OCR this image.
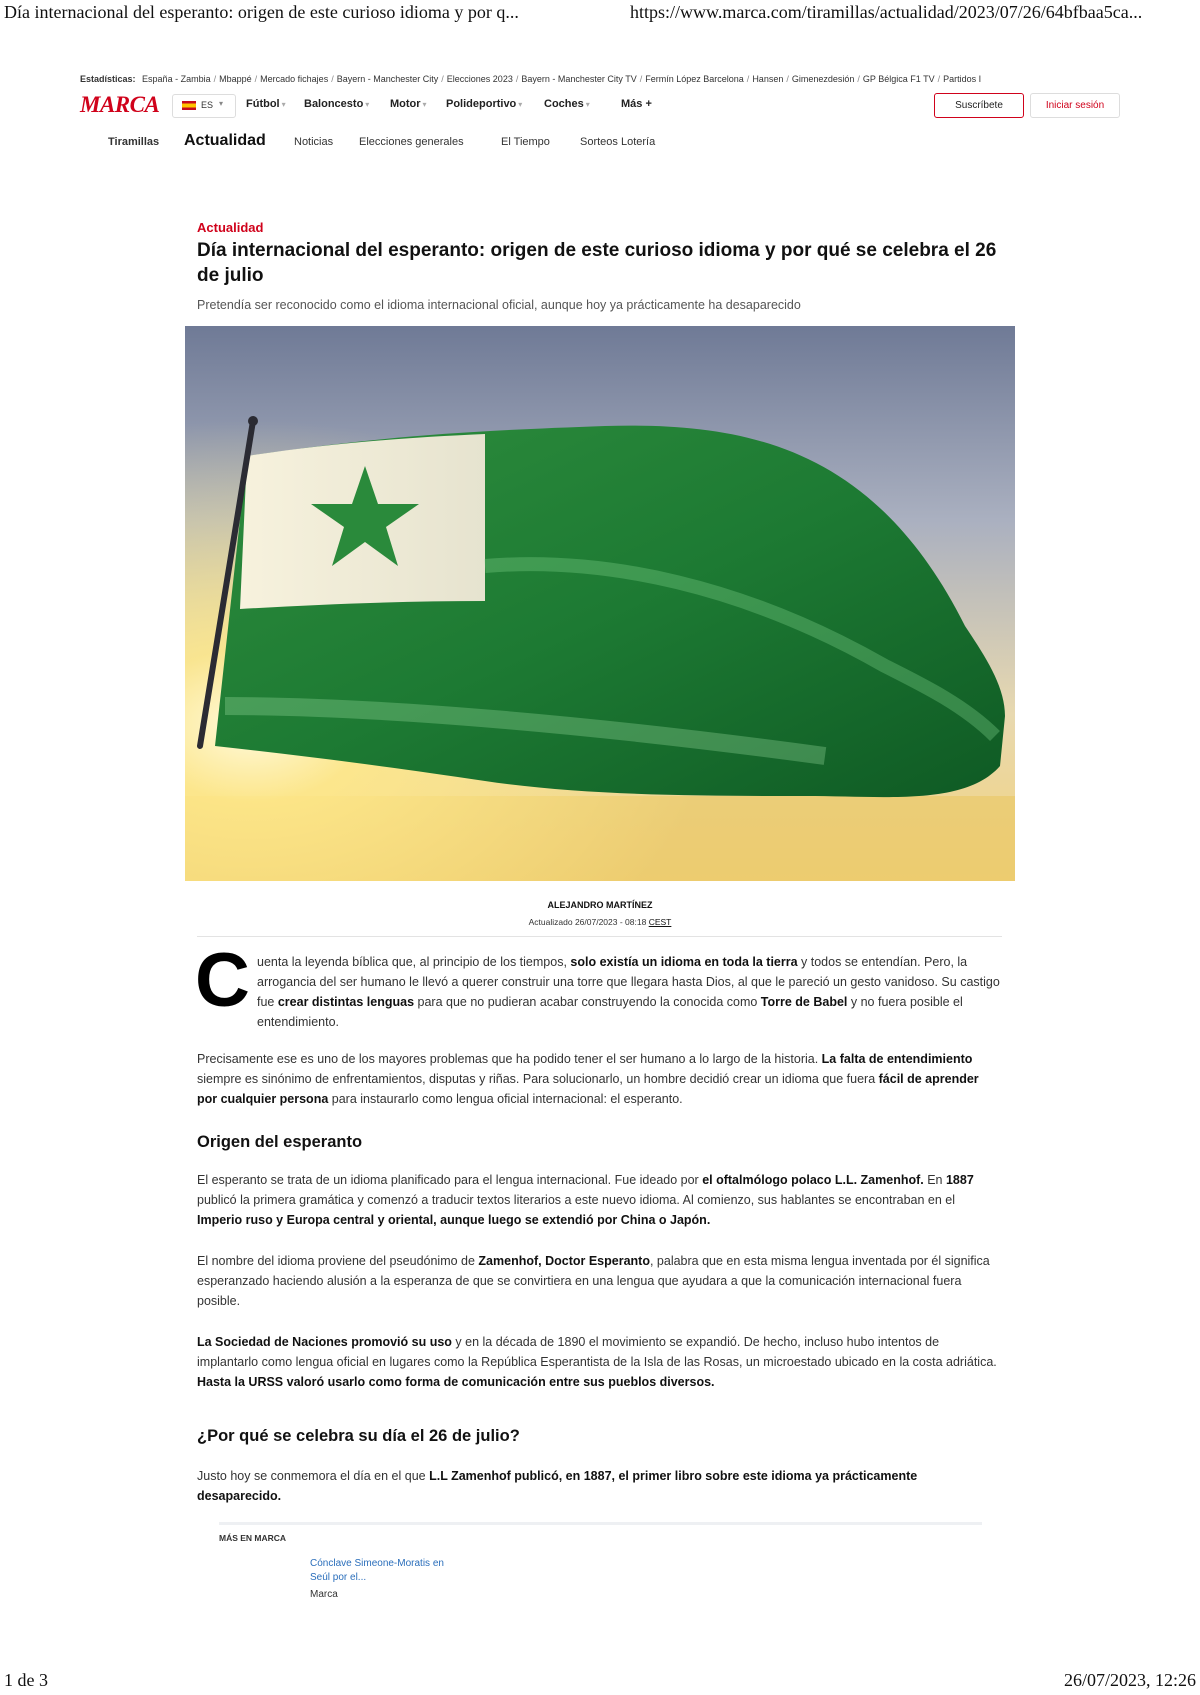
Día internacional del esperanto: origen de este curioso idioma y por q...	https://www.marca.com/tiramillas/actualidad/2023/07/26/64bfbaa5ca...
Estadísticas: España - Zambia / Mbappé / Mercado fichajes / Bayern - Manchester City / Elecciones 2023 / Bayern - Manchester City TV / Fermín López Barcelona / Hansen / Gimenezdesión / GP Bélgica F1 TV / Partidos I
MARCA	ES ▾ Fútbol ▾ Baloncesto ▾ Motor ▾ Polideportivo ▾ Coches ▾	Más +	Suscríbete	Iniciar sesión
Tiramillas Actualidad	Noticias Elecciones generales	El Tiempo	Sorteos Lotería
Actualidad
Día internacional del esperanto: origen de este curioso idioma y por qué se celebra el 26 de julio
Pretendía ser reconocido como el idioma internacional oficial, aunque hoy ya prácticamente ha desaparecido
ALEJANDRO MARTÍNEZ
Actualizado 26/07/2023 - 08:18 CEST
C uenta la leyenda bíblica que, al principio de los tiempos, solo existía un idioma en toda la tierra y todos se entendían. Pero, la arrogancia del ser humano le llevó a querer construir una torre que llegara hasta Dios, al que le pareció un gesto vanidoso. Su castigo fue crear distintas lenguas para que no pudieran acabar construyendo la conocida como Torre de Babel y no fuera posible el entendimiento.

Precisamente ese es uno de los mayores problemas que ha podido tener el ser humano a lo largo de la historia. La falta de entendimiento siempre es sinónimo de enfrentamientos, disputas y riñas. Para solucionarlo, un hombre decidió crear un idioma que fuera fácil de aprender por cualquier persona para instaurarlo como lengua oficial internacional: el esperanto.

Origen del esperanto

El esperanto se trata de un idioma planificado para el lengua internacional. Fue ideado por el oftalmólogo polaco L.L. Zamenhof. En 1887 publicó la primera gramática y comenzó a traducir textos literarios a este nuevo idioma. Al comienzo, sus hablantes se encontraban en el Imperio ruso y Europa central y oriental, aunque luego se extendió por China o Japón.

El nombre del idioma proviene del pseudónimo de Zamenhof, Doctor Esperanto, palabra que en esta misma lengua inventada por él significa esperanzado haciendo alusión a la esperanza de que se convirtiera en una lengua que ayudara a que la comunicación internacional fuera posible.

La Sociedad de Naciones promovió su uso y en la década de 1890 el movimiento se expandió. De hecho, incluso hubo intentos de implantarlo como lengua oficial en lugares como la República Esperantista de la Isla de las Rosas, un microestado ubicado en la costa adriática. Hasta la URSS valoró usarlo como forma de comunicación entre sus pueblos diversos.

¿Por qué se celebra su día el 26 de julio?

Justo hoy se conmemora el día en el que L.L Zamenhof publicó, en 1887, el primer libro sobre este idioma ya prácticamente desaparecido.

MÁS EN MARCA
Cónclave Simeone-Moratis en Seúl por el...
Marca
1 de 3	26/07/2023, 12:26
